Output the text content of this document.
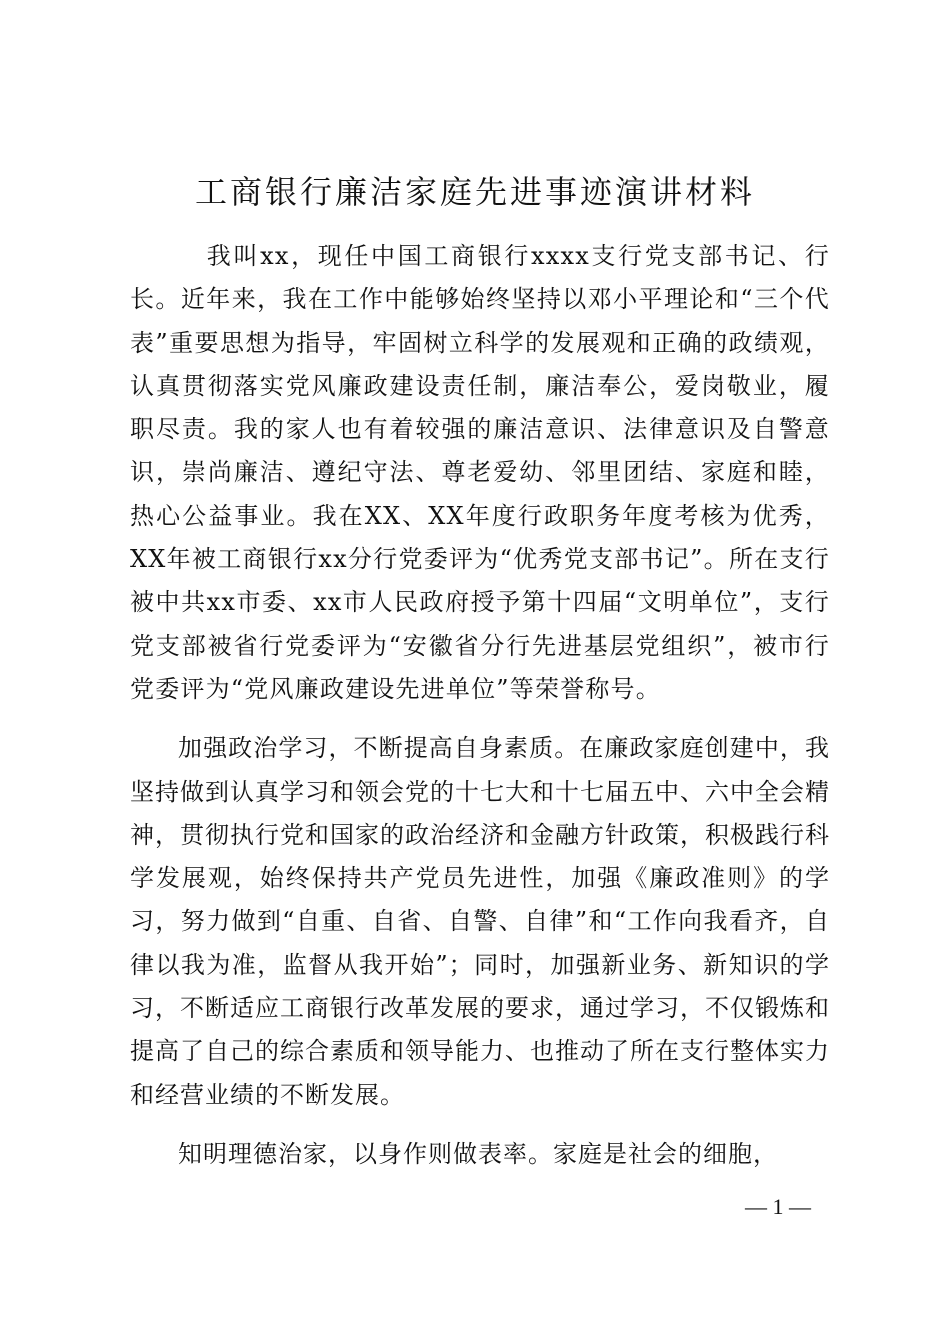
工商银行廉洁家庭先进事迹演讲材料

我叫xx，现任中国工商银行xxxx支行党支部书记、行长。近年来，我在工作中能够始终坚持以邓小平理论和“三个代表”重要思想为指导，牢固树立科学的发展观和正确的政绩观，认真贯彻落实党风廉政建设责任制，廉洁奉公，爱岗敬业，履职尽责。我的家人也有着较强的廉洁意识、法律意识及自警意识，崇尚廉洁、遵纪守法、尊老爱幼、邻里团结、家庭和睦，热心公益事业。我在XX、XX年度行政职务年度考核为优秀，XX年被工商银行xx分行党委评为“优秀党支部书记”。所在支行被中共xx市委、xx市人民政府授予第十四届“文明单位”，支行党支部被省行党委评为“安徽省分行先进基层党组织”，被市行党委评为“党风廉政建设先进单位”等荣誉称号。

加强政治学习，不断提高自身素质。在廉政家庭创建中，我坚持做到认真学习和领会党的十七大和十七届五中、六中全会精神，贯彻执行党和国家的政治经济和金融方针政策，积极践行科学发展观，始终保持共产党员先进性，加强《廉政准则》的学习，努力做到“自重、自省、自警、自律”和“工作向我看齐，自律以我为准，监督从我开始”；同时，加强新业务、新知识的学习，不断适应工商银行改革发展的要求，通过学习，不仅锻炼和提高了自己的综合素质和领导能力、也推动了所在支行整体实力和经营业绩的不断发展。

知明理德治家，以身作则做表率。家庭是社会的细胞，

— 1 —
